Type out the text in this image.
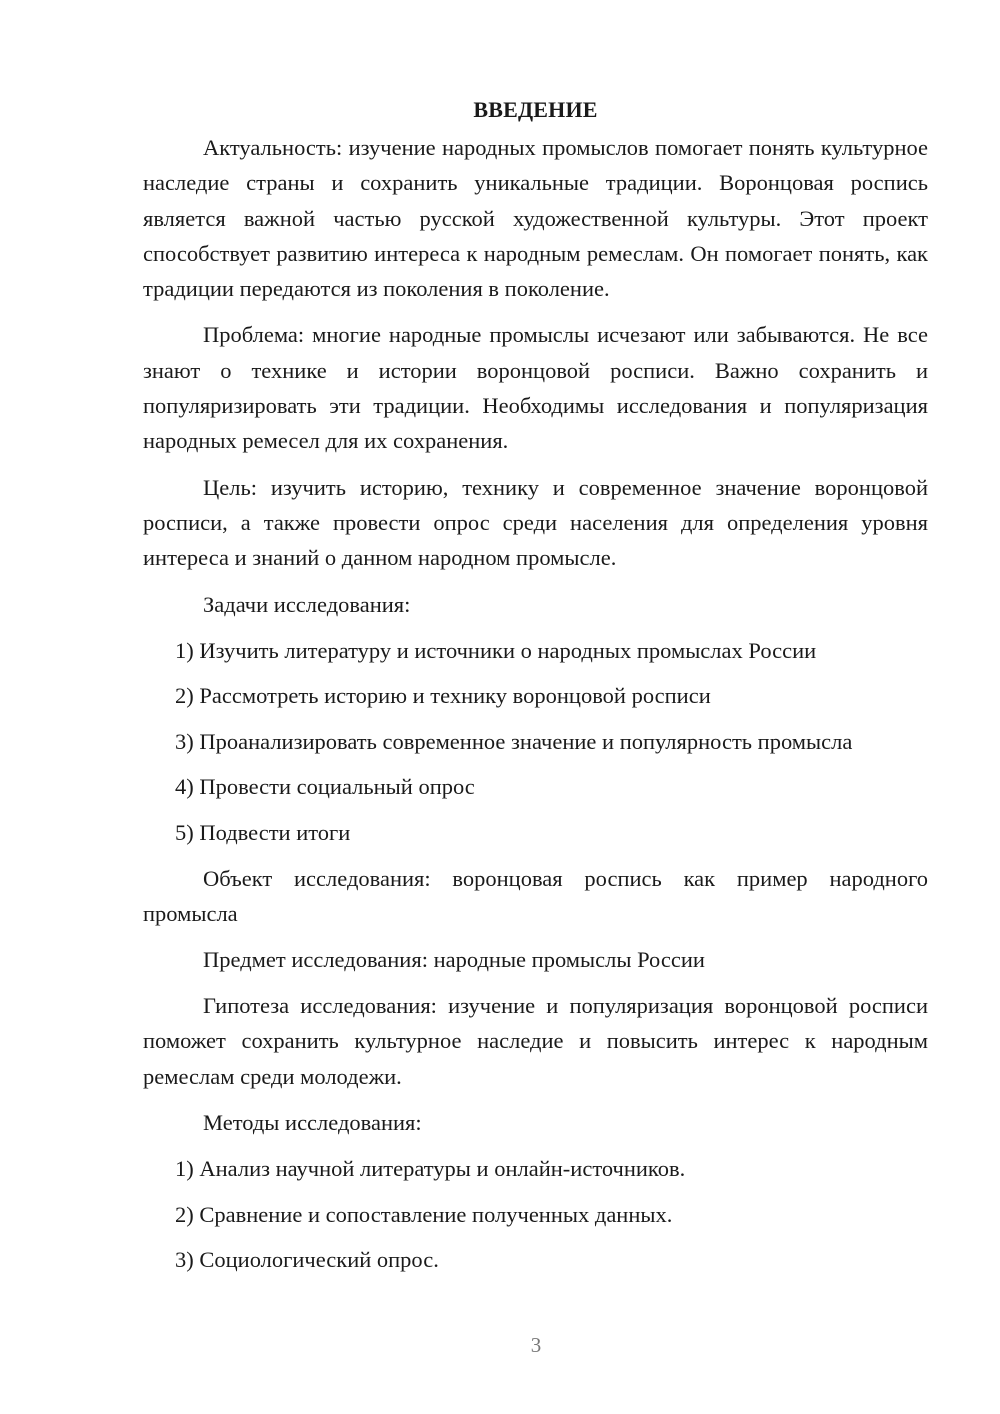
ВВЕДЕНИЕ

Актуальность: изучение народных промыслов помогает понять культурное наследие страны и сохранить уникальные традиции. Воронцовая роспись является важной частью русской художественной культуры. Этот проект способствует развитию интереса к народным ремеслам. Он помогает понять, как традиции передаются из поколения в поколение.

Проблема: многие народные промыслы исчезают или забываются. Не все знают о технике и истории воронцовой росписи. Важно сохранить и популяризировать эти традиции. Необходимы исследования и популяризация народных ремесел для их сохранения.

Цель: изучить историю, технику и современное значение воронцовой росписи, а также провести опрос среди населения для определения уровня интереса и знаний о данном народном промысле.

Задачи исследования:
1) Изучить литературу и источники о народных промыслах России
2) Рассмотреть историю и технику воронцовой росписи
3) Проанализировать современное значение и популярность промысла
4) Провести социальный опрос
5) Подвести итоги

Объект исследования: воронцовая роспись как пример народного промысла

Предмет исследования: народные промыслы России

Гипотеза исследования: изучение и популяризация воронцовой росписи поможет сохранить культурное наследие и повысить интерес к народным ремеслам среди молодежи.

Методы исследования:
1) Анализ научной литературы и онлайн-источников.
2) Сравнение и сопоставление полученных данных.
3) Социологический опрос.
3
